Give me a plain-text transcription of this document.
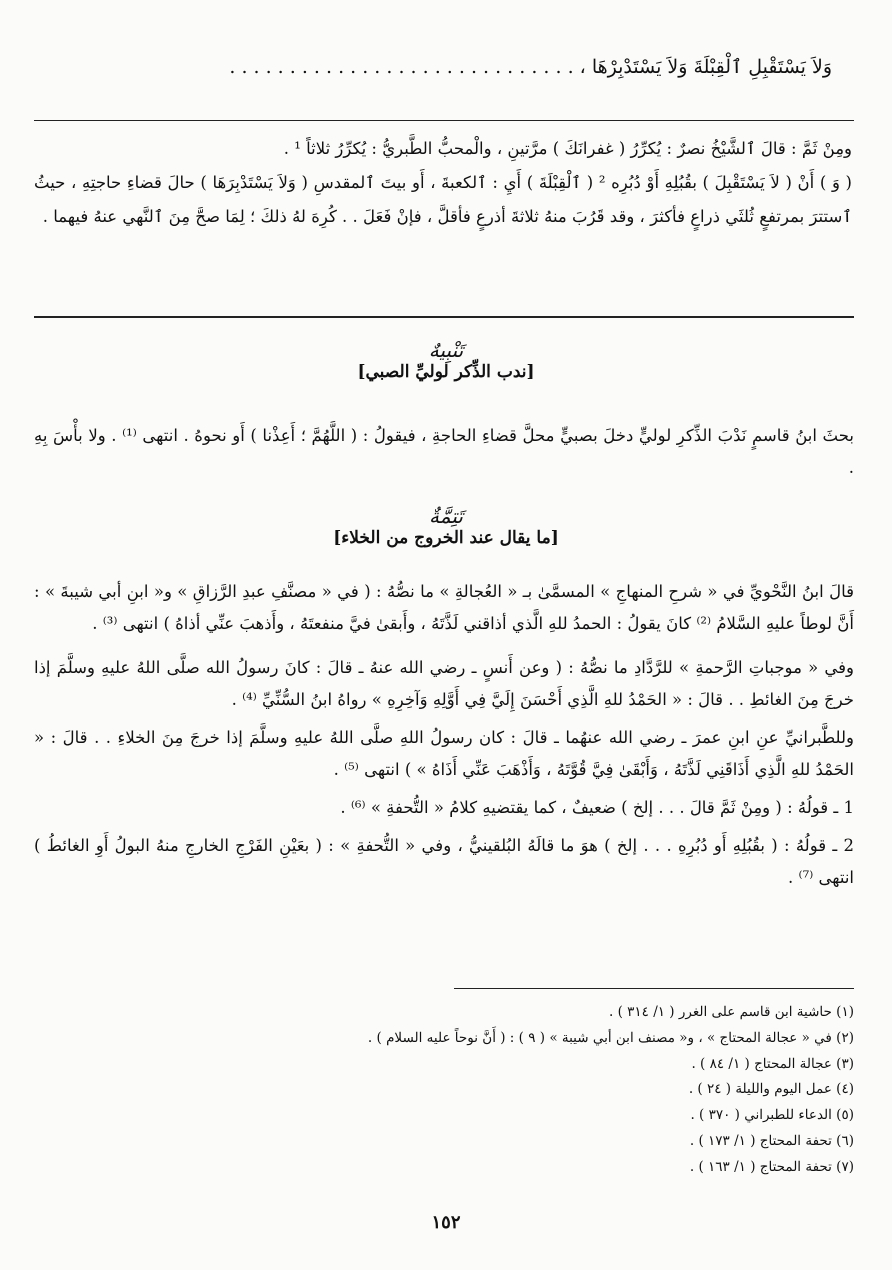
وَلاَ يَسْتَقْبِلِ ٱلْقِبْلَةَ وَلاَ يَسْتَدْبِرْهَا ، . . . . . . . . . . . . . . . . . . . . . . . . . . . . .

ومِنْ ثَمَّ : قالَ ٱلشَّيْخُ نصرٌ : يُكرِّرُ ( غفرانَكَ ) مرَّتينِ ، والْمحبُّ الطَّبريُّ : يُكرِّرُ ثلاثاً ¹ .

( وَ ) أَنْ ( لاَ يَسْتَقْبِلَ ) بقُبُلِهِ أَوْ دُبُرِه ² ( ٱلْقِبْلَةَ ) أَيِ : ٱلكعبةَ ، أَو بيتَ ٱلمقدسِ ( وَلاَ يَسْتَدْبِرَهَا ) حالَ قضاءِ حاجتِهِ ، حيثُ ٱستترَ بمرتفعٍ ثُلثَي ذراعٍ فأكثرَ ، وقد قَرُبَ منهُ ثلاثةَ أذرعٍ فأقلَّ ، فإنْ فَعَلَ . . كُرِهَ لهُ ذلكَ ؛ لِمَا صحَّ مِنَ ٱلنَّهي عنهُ فيهما .

تَنْبِيهٌ
[ندب الذِّكر لوليِّ الصبي]

بحثَ ابنُ قاسمٍ نَدْبَ الذِّكرِ لوليٍّ دخلَ بصبيٍّ محلَّ قضاءِ الحاجةِ ، فيقولُ : ( اللَّهُمَّ ؛ أَعِذْنا ) أَو نحوهُ . انتهى ⁽¹⁾ . ولا بأْسَ بِهِ .

تَتِمَّةٌ
[ما يقال عند الخروج من الخلاء]

قالَ ابنُ النَّحْويِّ في « شرحِ المنهاجِ » المسمَّىٰ بـ « العُجالةِ » ما نصُّهُ : ( في « مصنَّفِ عبدِ الرَّزاقِ » و« ابنِ أبي شيبةَ » : أَنَّ لوطاً عليهِ السَّلامُ ⁽²⁾ كانَ يقولُ : الحمدُ للهِ الَّذي أذاقني لَذَّتَهُ ، وأَبقىٰ فيَّ منفعتَهُ ، وأَذهبَ عنِّي أذاهُ ) انتهى ⁽³⁾ .

وفي « موجباتِ الرَّحمةِ » للرَّدَّادِ ما نصُّهُ : ( وعن أَنسٍ ـ رضي الله عنهُ ـ قالَ : كانَ رسولُ الله صلَّى اللهُ عليهِ وسلَّمَ إذا خرجَ مِنَ الغائطِ . . قالَ : « الحَمْدُ للهِ الَّذِي أَحْسَنَ إِلَيَّ فِي أَوَّلِهِ وَآخِرِهِ » رواهُ ابنُ السُّنِّيِّ ⁽⁴⁾ .

وللطَّبرانيِّ عنِ ابنِ عمرَ ـ رضي الله عنهُما ـ قالَ : كان رسولُ اللهِ صلَّى اللهُ عليهِ وسلَّمَ إذا خرجَ مِنَ الخلاءِ . . قالَ : « الحَمْدُ للهِ الَّذِي أَذَاقَنِي لَذَّتَهُ ، وَأَبْقَىٰ فِيَّ قُوَّتَهُ ، وَأَذْهَبَ عَنِّي أَذَاهُ » ) انتهى ⁽⁵⁾ .

1 ـ قولُهُ : ( ومِنْ ثَمَّ قالَ . . . إلخ ) ضعيفٌ ، كما يقتضيهِ كلامُ « التُّحفةِ » ⁽⁶⁾ .

2 ـ قولُهُ : ( بقُبُلِهِ أَو دُبُرِهِ . . . إلخ ) هوَ ما قالَهُ البُلقينيُّ ، وفي « التُّحفةِ » : ( بعَيْنِ الفَرْجِ الخارجِ منهُ البولُ أَوِ الغائطُ ) انتهى ⁽⁷⁾ .

(١) حاشية ابن قاسم على الغرر ( ١/ ٣١٤ ) .
(٢) في « عجالة المحتاج » ، و« مصنف ابن أبي شيبة » ( ٩ ) : ( أَنَّ نوحاً عليه السلام ) .
(٣) عجالة المحتاج ( ١/ ٨٤ ) .
(٤) عمل اليوم والليلة ( ٢٤ ) .
(٥) الدعاء للطبراني ( ٣٧٠ ) .
(٦) تحفة المحتاج ( ١/ ١٧٣ ) .
(٧) تحفة المحتاج ( ١/ ١٦٣ ) .
١٥٢
